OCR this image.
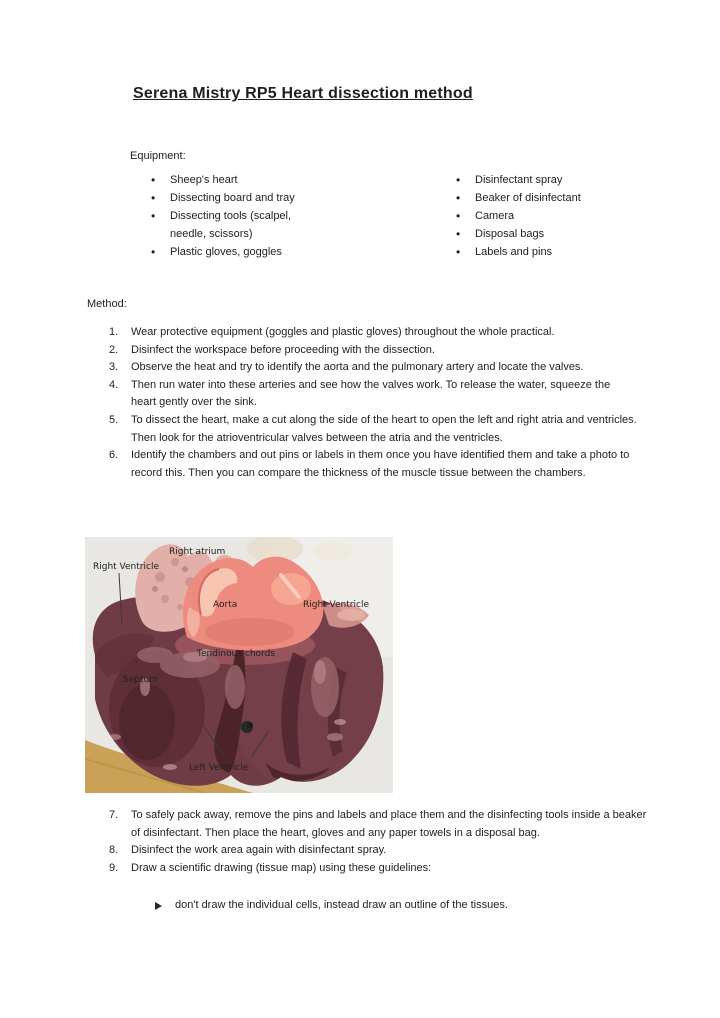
Serena Mistry RP5 Heart dissection method
Equipment:
• Sheep's heart
• Dissecting board and tray
• Dissecting tools (scalpel, needle, scissors)
• Plastic gloves, goggles
• Disinfectant spray
• Beaker of disinfectant
• Camera
• Disposal bags
• Labels and pins
Method:
1.	Wear protective equipment (goggles and plastic gloves) throughout the whole practical.
2.	Disinfect the workspace before proceeding with the dissection.
3.	Observe the heat and try to identify the aorta and the pulmonary artery and locate the valves.
4.	Then run water into these arteries and see how the valves work. To release the water, squeeze the heart gently over the sink.
5.	To dissect the heart, make a cut along the side of the heart to open the left and right atria and ventricles. Then look for the atrioventricular valves between the atria and the ventricles.
6.	Identify the chambers and out pins or labels in them once you have identified them and take a photo to record this. Then you can compare the thickness of the muscle tissue between the chambers.
Right atrium
Right Ventricle
Aorta	Right Ventricle
Tendinous chords
Septum
Left Ventricle
7.	To safely pack away, remove the pins and labels and place them and the disinfecting tools inside a beaker of disinfectant. Then place the heart, gloves and any paper towels in a disposal bag.
8.	Disinfect the work area again with disinfectant spray.
9.	Draw a scientific drawing (tissue map) using these guidelines:
don't draw the individual cells, instead draw an outline of the tissues.
